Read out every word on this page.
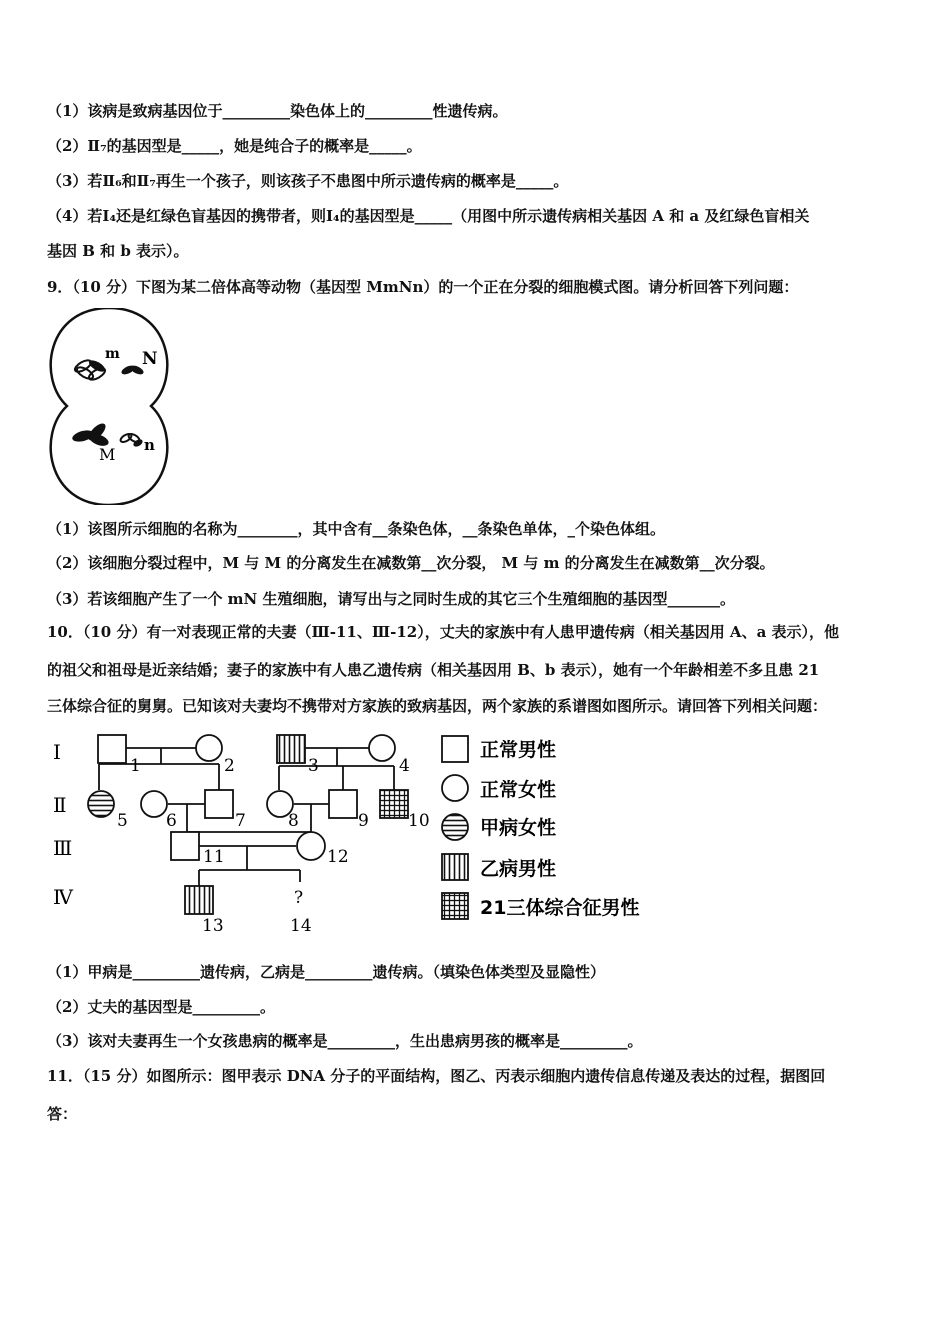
（1）该病是致病基因位于_________染色体上的_________性遗传病。
（2）Ⅱ₇的基因型是_____，她是纯合子的概率是_____。
（3）若Ⅱ₆和Ⅱ₇再生一个孩子，则该孩子不患图中所示遗传病的概率是_____。
（4）若I₄还是红绿色盲基因的携带者，则I₄的基因型是_____（用图中所示遗传病相关基因 A 和 a 及红绿色盲相关
基因 B 和 b 表示）。
9．（10 分）下图为某二倍体高等动物（基因型 MmNn）的一个正在分裂的细胞模式图。请分析回答下列问题：
m N
M n
（1）该图所示细胞的名称为________，其中含有__条染色体，__条染色单体，_个染色体组。
（2）该细胞分裂过程中，M 与 M 的分离发生在减数第__次分裂， M 与 m 的分离发生在减数第__次分裂。
（3）若该细胞产生了一个 mN 生殖细胞，请写出与之同时生成的其它三个生殖细胞的基因型_______。
10．（10 分）有一对表现正常的夫妻（Ⅲ-11、Ⅲ-12），丈夫的家族中有人患甲遗传病（相关基因用 A、a 表示），他
的祖父和祖母是近亲结婚；妻子的家族中有人患乙遗传病（相关基因用 B、b 表示），她有一个年龄相差不多且患 21
三体综合征的舅舅。已知该对夫妻均不携带对方家族的致病基因，两个家族的系谱图如图所示。请回答下列相关问题：
Ⅰ
Ⅱ
Ⅲ
Ⅳ
1	2	3	4
5 6	7 8	9 10
11	12
?
13	14
正常男性
正常女性
甲病女性
乙病男性
21三体综合征男性
（1）甲病是_________遗传病，乙病是_________遗传病。（填染色体类型及显隐性）
（2）丈夫的基因型是_________。
（3）该对夫妻再生一个女孩患病的概率是_________，生出患病男孩的概率是_________。
11．（15 分）如图所示：图甲表示 DNA 分子的平面结构，图乙、丙表示细胞内遗传信息传递及表达的过程，据图回
答：
